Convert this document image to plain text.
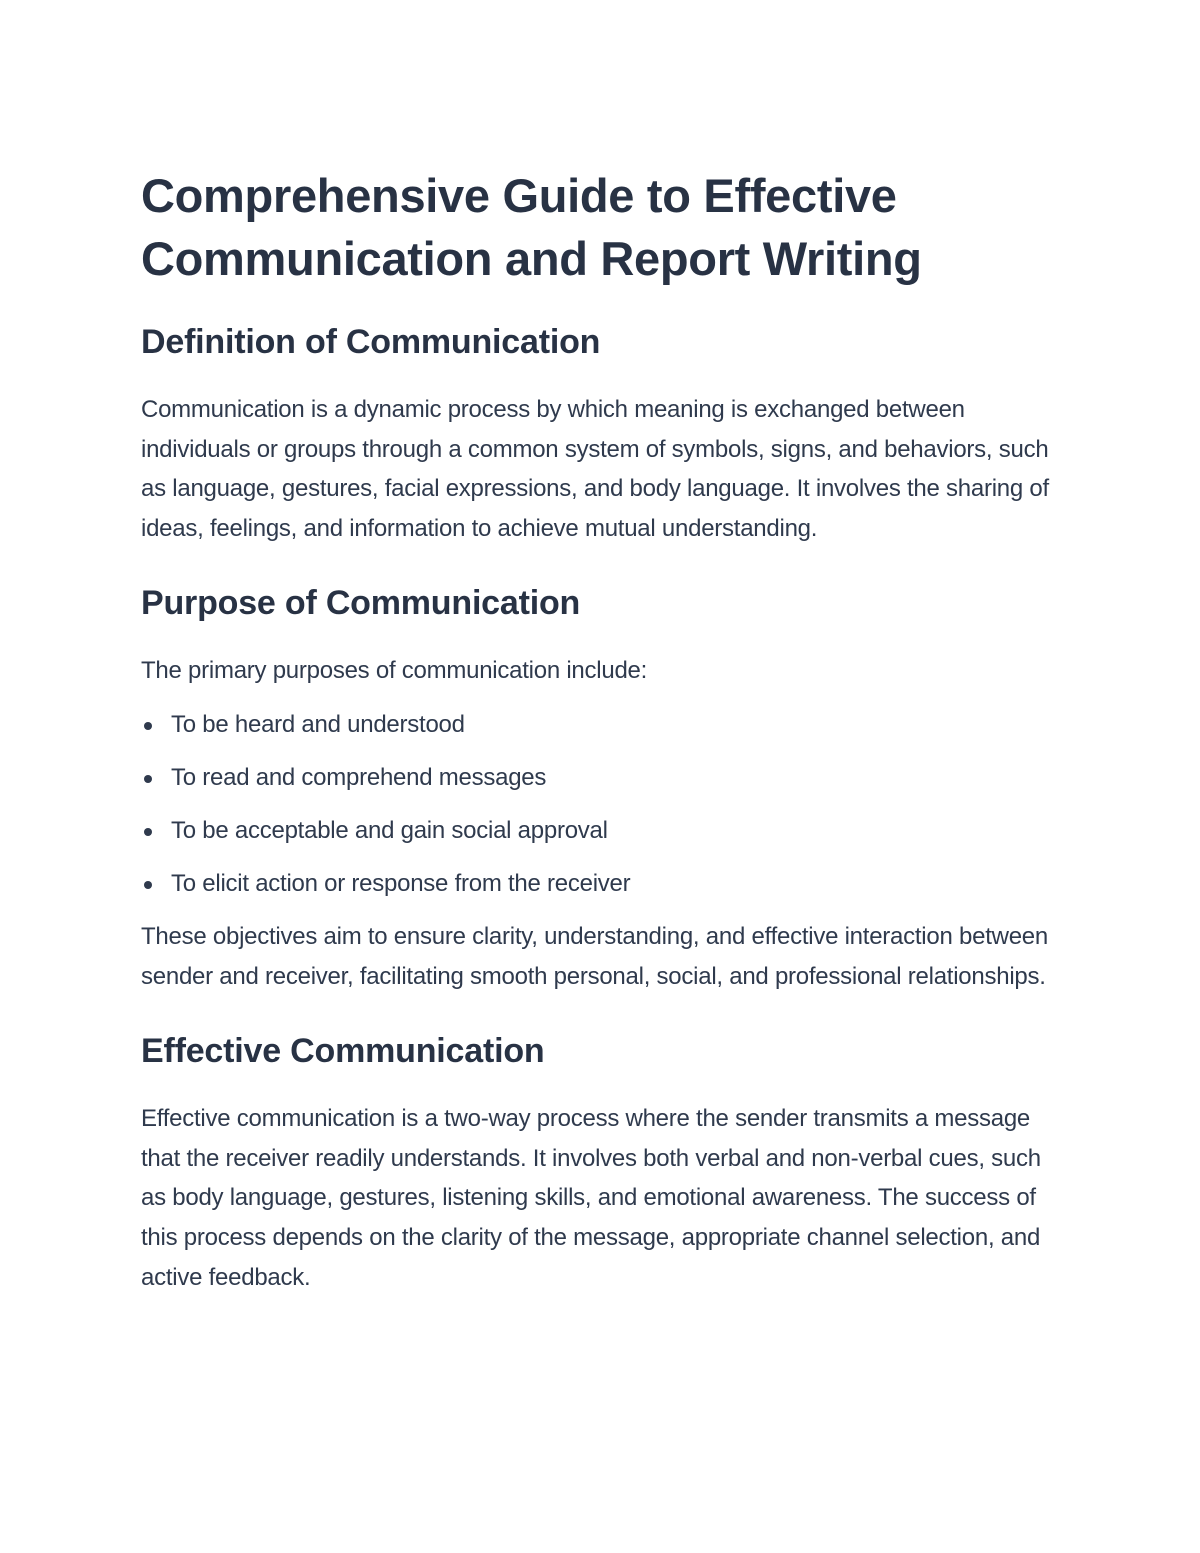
Comprehensive Guide to Effective Communication and Report Writing
Definition of Communication

Communication is a dynamic process by which meaning is exchanged between individuals or groups through a common system of symbols, signs, and behaviors, such as language, gestures, facial expressions, and body language. It involves the sharing of ideas, feelings, and information to achieve mutual understanding.

Purpose of Communication

The primary purposes of communication include:

To be heard and understood
To read and comprehend messages
To be acceptable and gain social approval
To elicit action or response from the receiver

These objectives aim to ensure clarity, understanding, and effective interaction between sender and receiver, facilitating smooth personal, social, and professional relationships.

Effective Communication

Effective communication is a two-way process where the sender transmits a message that the receiver readily understands. It involves both verbal and non-verbal cues, such as body language, gestures, listening skills, and emotional awareness. The success of this process depends on the clarity of the message, appropriate channel selection, and active feedback.
